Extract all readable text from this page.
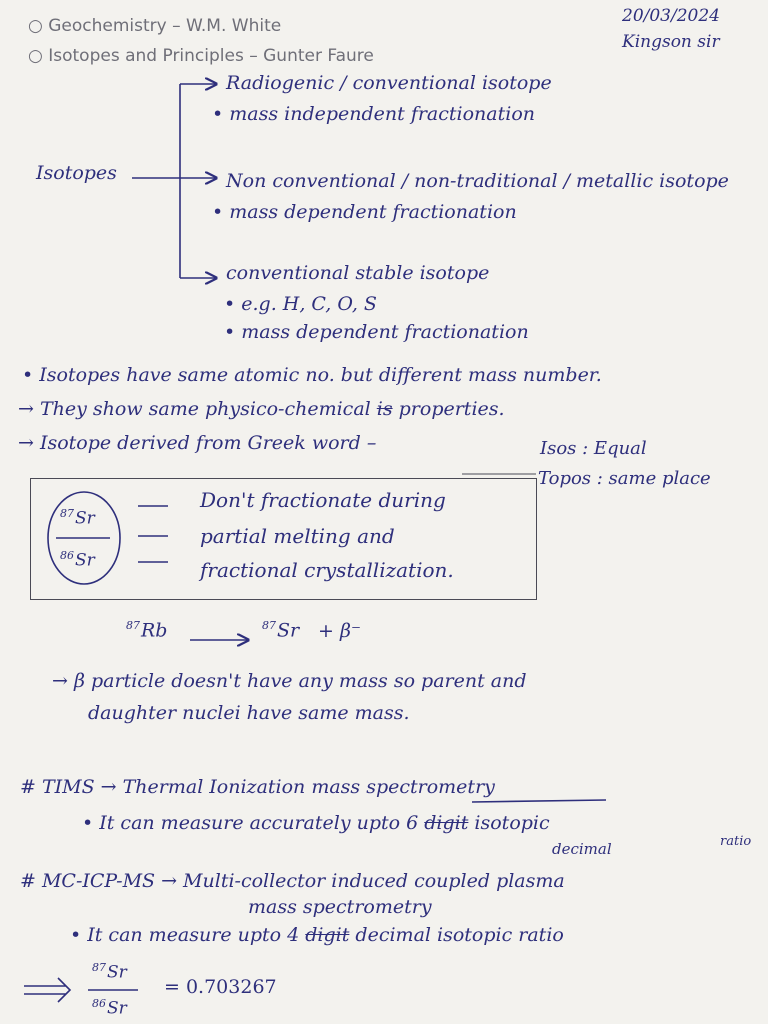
○ Geochemistry – W.M. White
○ Isotopes and Principles – Gunter Faure
20/03/2024
Kingson sir
Isotopes
Radiogenic / conventional isotope
• mass independent fractionation
Non conventional / non-traditional / metallic isotope
• mass dependent fractionation
conventional stable isotope
• e.g. H, C, O, S
• mass dependent fractionation
• Isotopes have same atomic no. but different mass number.
→ They show same physico-chemical is properties.
→ Isotope derived from Greek word –	Isos : Equal
Topos : same place
$^{87}$Sr
$^{86}$Sr
Don't fractionate during
partial melting and
fractional crystallization.
$^{87}$Rb	$^{87}$Sr + β⁻
→ β particle doesn't have any mass so parent and
daughter nuclei have same mass.
# TIMS → Thermal Ionization mass spectrometry
• It can measure accurately upto 6 digit isotopic
decimal	ratio
# MC-ICP-MS → Multi-collector induced coupled plasma
mass spectrometry
• It can measure upto 4 digit decimal isotopic ratio
$^{87}$Sr
$^{86}$Sr
= 0.703267
